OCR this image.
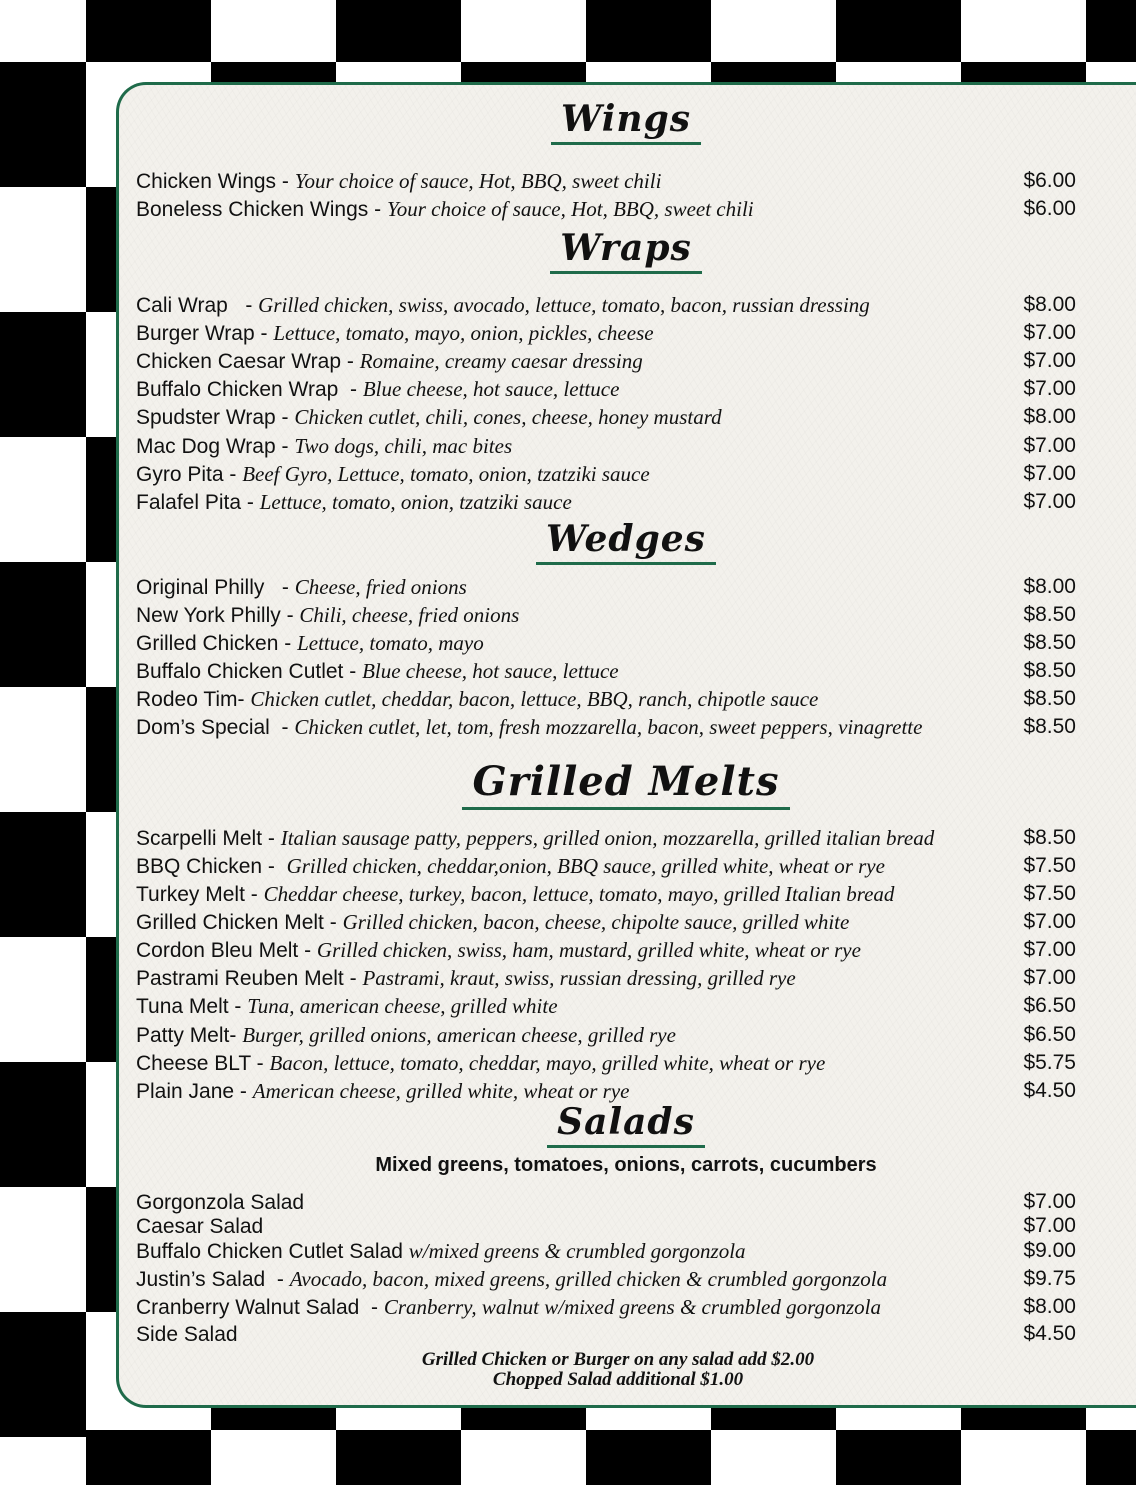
Wings
Chicken Wings - Your choice of sauce, Hot, BBQ, sweet chili	$6.00
Boneless Chicken Wings - Your choice of sauce, Hot, BBQ, sweet chili	$6.00
Wraps
Cali Wrap   - Grilled chicken, swiss, avocado, lettuce, tomato, bacon, russian dressing	$8.00
Burger Wrap - Lettuce, tomato, mayo, onion, pickles, cheese	$7.00
Chicken Caesar Wrap - Romaine, creamy caesar dressing	$7.00
Buffalo Chicken Wrap  - Blue cheese, hot sauce, lettuce	$7.00
Spudster Wrap - Chicken cutlet, chili, cones, cheese, honey mustard	$8.00
Mac Dog Wrap - Two dogs, chili, mac bites	$7.00
Gyro Pita - Beef Gyro, Lettuce, tomato, onion, tzatziki sauce	$7.00
Falafel Pita - Lettuce, tomato, onion, tzatziki sauce	$7.00
Wedges
Original Philly   - Cheese, fried onions	$8.00
New York Philly - Chili, cheese, fried onions	$8.50
Grilled Chicken - Lettuce, tomato, mayo	$8.50
Buffalo Chicken Cutlet - Blue cheese, hot sauce, lettuce	$8.50
Rodeo Tim- Chicken cutlet, cheddar, bacon, lettuce, BBQ, ranch, chipotle sauce	$8.50
Dom’s Special  - Chicken cutlet, let, tom, fresh mozzarella, bacon, sweet peppers, vinagrette	$8.50
Grilled Melts
Scarpelli Melt - Italian sausage patty, peppers, grilled onion, mozzarella, grilled italian bread	$8.50
BBQ Chicken -  Grilled chicken, cheddar,onion, BBQ sauce, grilled white, wheat or rye	$7.50
Turkey Melt - Cheddar cheese, turkey, bacon, lettuce, tomato, mayo, grilled Italian bread	$7.50
Grilled Chicken Melt - Grilled chicken, bacon, cheese, chipolte sauce, grilled white	$7.00
Cordon Bleu Melt - Grilled chicken, swiss, ham, mustard, grilled white, wheat or rye	$7.00
Pastrami Reuben Melt - Pastrami, kraut, swiss, russian dressing, grilled rye	$7.00
Tuna Melt - Tuna, american cheese, grilled white	$6.50
Patty Melt- Burger, grilled onions, american cheese, grilled rye	$6.50
Cheese BLT - Bacon, lettuce, tomato, cheddar, mayo, grilled white, wheat or rye	$5.75
Plain Jane - American cheese, grilled white, wheat or rye	$4.50
Salads
Gorgonzola Salad	$7.00
Caesar Salad	$7.00
Buffalo Chicken Cutlet Salad w/mixed greens & crumbled gorgonzola	$9.00
Justin’s Salad  - Avocado, bacon, mixed greens, grilled chicken & crumbled gorgonzola	$9.75
Cranberry Walnut Salad  - Cranberry, walnut w/mixed greens & crumbled gorgonzola	$8.00
Side Salad	$4.50
Mixed greens, tomatoes, onions, carrots, cucumbers
Grilled Chicken or Burger on any salad add $2.00
Chopped Salad additional $1.00
